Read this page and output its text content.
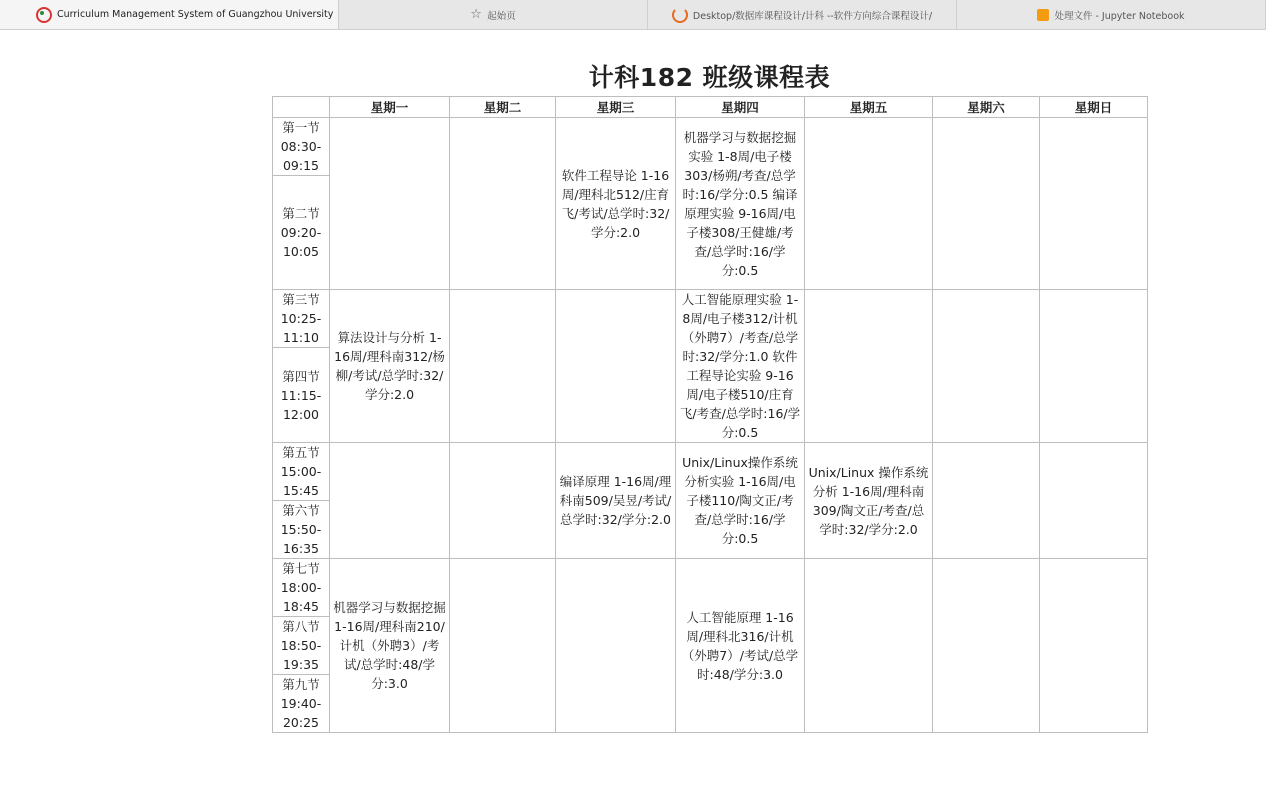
Curriculum Management System of Guangzhou University	☆ 起始页	Desktop/数据库课程设计/计科 --软件方向综合课程设计/	处理文件 - Jupyter Notebook
计科182 班级课程表
	星期一	星期二	星期三	星期四	星期五	星期六	星期日
第一节 08:30- 09:15			软件工程导论 1-16周/理科北512/庄育飞/考试/总学时:32/学分:2.0	机器学习与数据挖掘实验 1-8周/电子楼303/杨朔/考查/总学时:16/学分:0.5 编译原理实验 9-16周/电子楼308/王健雄/考查/总学时:16/学分:0.5			
第二节 09:20- 10:05							
第三节 10:25- 11:10	算法设计与分析 1-16周/理科南312/杨柳/考试/总学时:32/学分:2.0			人工智能原理实验 1-8周/电子楼312/计机（外聘7）/考查/总学时:32/学分:1.0 软件工程导论实验 9-16周/电子楼510/庄育飞/考查/总学时:16/学分:0.5			
第四节 11:15- 12:00							
第五节 15:00- 15:45			编译原理 1-16周/理科南509/吴昱/考试/总学时:32/学分:2.0	Unix/Linux操作系统分析实验 1-16周/电子楼110/陶文正/考查/总学时:16/学分:0.5	Unix/Linux 操作系统分析 1-16周/理科南309/陶文正/考查/总学时:32/学分:2.0		
第六节 15:50- 16:35							
第七节 18:00- 18:45	机器学习与数据挖掘 1-16周/理科南210/计机（外聘3）/考试/总学时:48/学分:3.0			人工智能原理 1-16周/理科北316/计机（外聘7）/考试/总学时:48/学分:3.0			
第八节 18:50- 19:35							
第九节 19:40- 20:25							
